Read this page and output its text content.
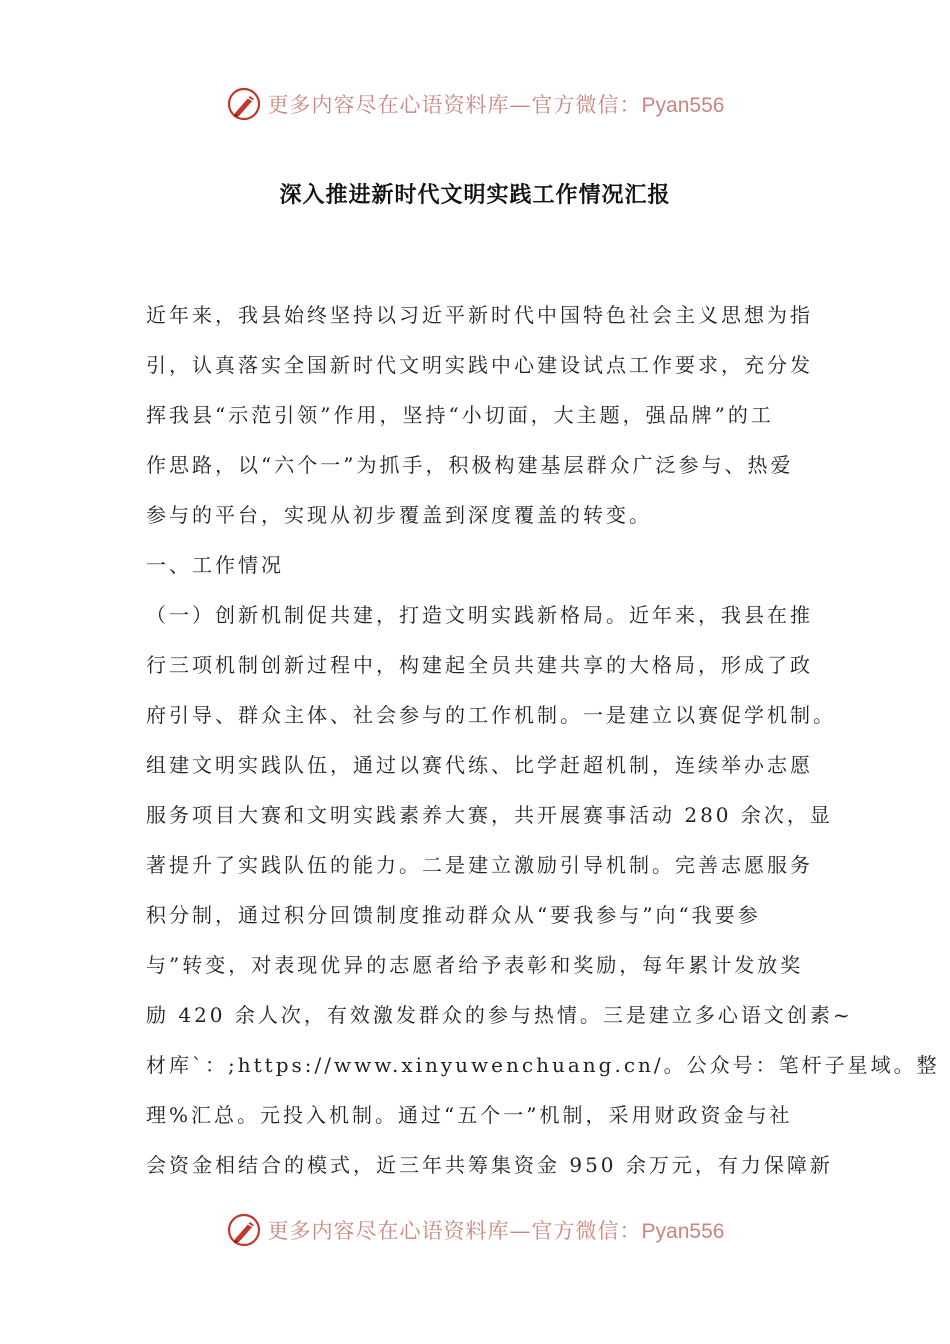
更多内容尽在心语资料库—官方微信：Pyan556
深入推进新时代文明实践工作情况汇报
近年来，我县始终坚持以习近平新时代中国特色社会主义思想为指
引，认真落实全国新时代文明实践中心建设试点工作要求，充分发
挥我县“示范引领”作用，坚持“小切面，大主题，强品牌”的工
作思路，以“六个一”为抓手，积极构建基层群众广泛参与、热爱
参与的平台，实现从初步覆盖到深度覆盖的转变。
一、工作情况
（一）创新机制促共建，打造文明实践新格局。近年来，我县在推
行三项机制创新过程中，构建起全员共建共享的大格局，形成了政
府引导、群众主体、社会参与的工作机制。一是建立以赛促学机制。
组建文明实践队伍，通过以赛代练、比学赶超机制，连续举办志愿
服务项目大赛和文明实践素养大赛，共开展赛事活动 280 余次，显
著提升了实践队伍的能力。二是建立激励引导机制。完善志愿服务
积分制，通过积分回馈制度推动群众从“要我参与”向“我要参
与”转变，对表现优异的志愿者给予表彰和奖励，每年累计发放奖
励 420 余人次，有效激发群众的参与热情。三是建立多心语文创素~
材库`：;https://www.xinyuwenchuang.cn/。公众号：笔杆子星域。整
理%汇总。元投入机制。通过“五个一”机制，采用财政资金与社
会资金相结合的模式，近三年共筹集资金 950 余万元，有力保障新
更多内容尽在心语资料库—官方微信：Pyan556
